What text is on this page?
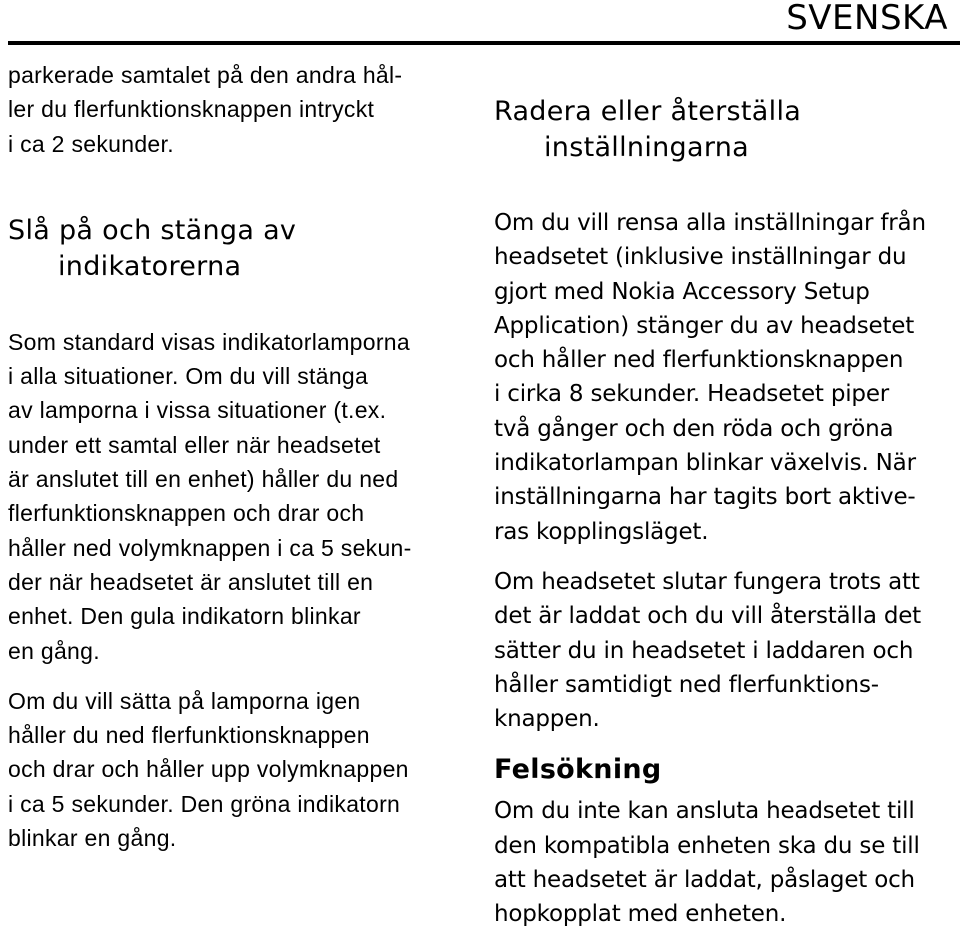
SVENSKA

parkerade samtalet på den andra hål-
ler du flerfunktionsknappen intryckt
i ca 2 sekunder.

Slå på och stänga av

indikatorerna

Som standard visas indikatorlamporna
i alla situationer. Om du vill stänga
av lamporna i vissa situationer (t.ex.
under ett samtal eller när headsetet
är anslutet till en enhet) håller du ned
flerfunktionsknappen och drar och
håller ned volymknappen i ca 5 sekun-
der när headsetet är anslutet till en
enhet. Den gula indikatorn blinkar
en gång.

Om du vill sätta på lamporna igen
håller du ned flerfunktionsknappen
och drar och håller upp volymknappen
i ca 5 sekunder. Den gröna indikatorn
blinkar en gång.

Radera eller återställa

inställningarna

Om du vill rensa alla inställningar från
headsetet (inklusive inställningar du
gjort med Nokia Accessory Setup
Application) stänger du av headsetet
och håller ned flerfunktionsknappen
i cirka 8 sekunder. Headsetet piper
två gånger och den röda och gröna
indikatorlampan blinkar växelvis. När
inställningarna har tagits bort aktive-
ras kopplingsläget.

Om headsetet slutar fungera trots att
det är laddat och du vill återställa det
sätter du in headsetet i laddaren och
håller samtidigt ned flerfunktions-
knappen.

Felsökning

Om du inte kan ansluta headsetet till
den kompatibla enheten ska du se till
att headsetet är laddat, påslaget och
hopkopplat med enheten.
